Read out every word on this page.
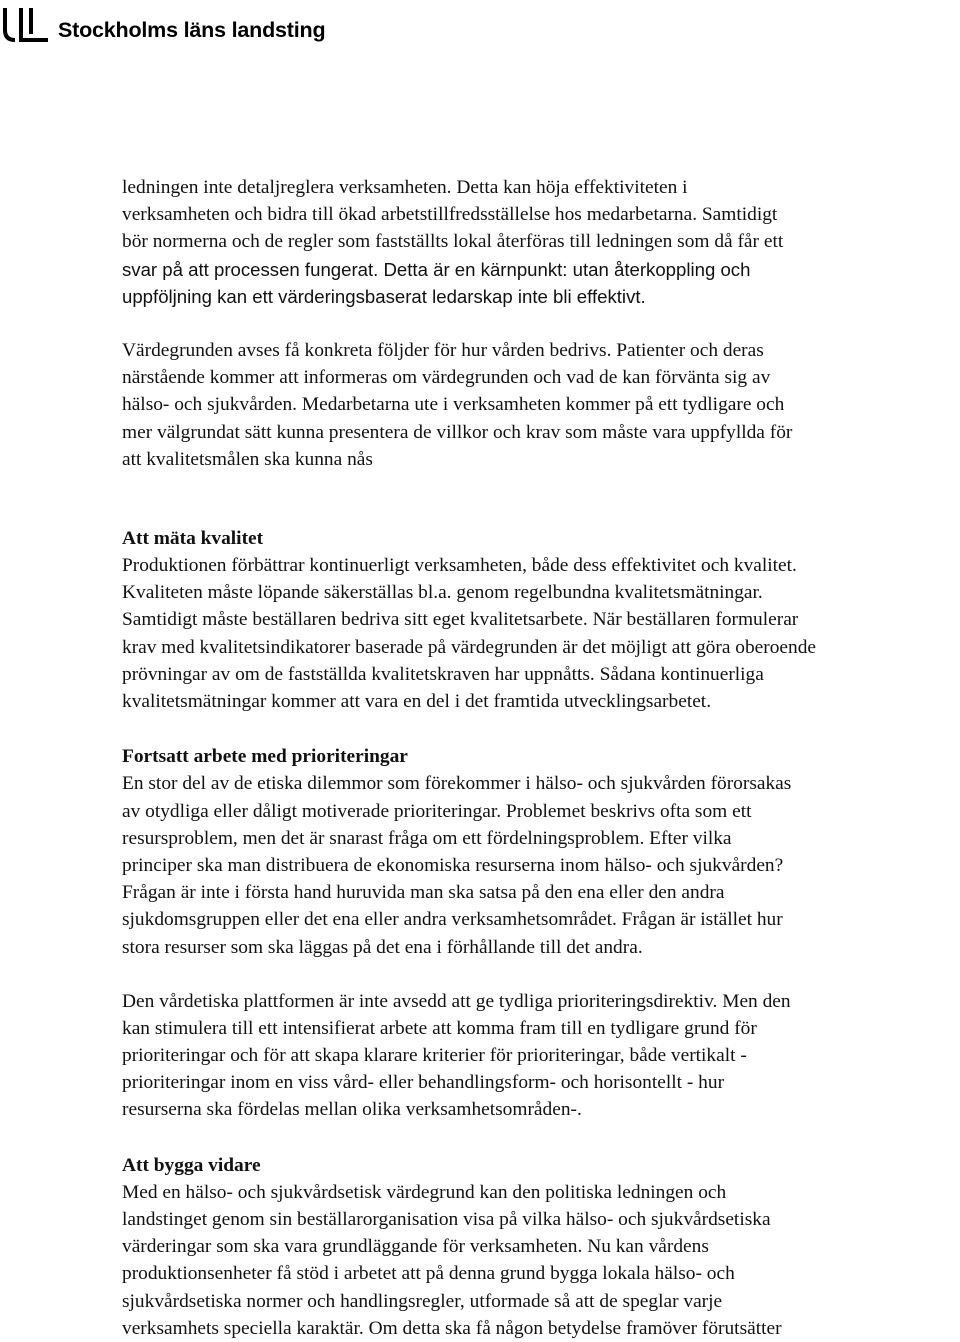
Stockholms läns landsting
ledningen inte detaljreglera verksamheten. Detta kan höja effektiviteten i
verksamheten och bidra till ökad arbetstillfredsställelse hos medarbetarna. Samtidigt
bör normerna och de regler som fastställts lokal återföras till ledningen som då får ett
svar på att processen fungerat. Detta är en kärnpunkt: utan återkoppling och
uppföljning kan ett värderingsbaserat ledarskap inte bli effektivt.
Värdegrunden avses få konkreta följder för hur vården bedrivs. Patienter och deras
närstående kommer att informeras om värdegrunden och vad de kan förvänta sig av
hälso- och sjukvården. Medarbetarna ute i verksamheten kommer på ett tydligare och
mer välgrundat sätt kunna presentera de villkor och krav som måste vara uppfyllda för
att kvalitetsmålen ska kunna nås
Att mäta kvalitet
Produktionen förbättrar kontinuerligt verksamheten, både dess effektivitet och kvalitet.
Kvaliteten måste löpande säkerställas bl.a. genom regelbundna kvalitetsmätningar.
Samtidigt måste beställaren bedriva sitt eget kvalitetsarbete. När beställaren formulerar
krav med kvalitetsindikatorer baserade på värdegrunden är det möjligt att göra oberoende
prövningar av om de fastställda kvalitetskraven har uppnåtts. Sådana kontinuerliga
kvalitetsmätningar kommer att vara en del i det framtida utvecklingsarbetet.
Fortsatt arbete med prioriteringar
En stor del av de etiska dilemmor som förekommer i hälso- och sjukvården förorsakas
av otydliga eller dåligt motiverade prioriteringar. Problemet beskrivs ofta som ett
resursproblem, men det är snarast fråga om ett fördelningsproblem. Efter vilka
principer ska man distribuera de ekonomiska resurserna inom hälso- och sjukvården?
Frågan är inte i första hand huruvida man ska satsa på den ena eller den andra
sjukdomsgruppen eller det ena eller andra verksamhetsområdet. Frågan är istället hur
stora resurser som ska läggas på det ena i förhållande till det andra.
Den vårdetiska plattformen är inte avsedd att ge tydliga prioriteringsdirektiv. Men den
kan stimulera till ett intensifierat arbete att komma fram till en tydligare grund för
prioriteringar och för att skapa klarare kriterier för prioriteringar, både vertikalt -
prioriteringar inom en viss vård- eller behandlingsform- och horisontellt - hur
resurserna ska fördelas mellan olika verksamhetsområden-.
Att bygga vidare
Med en hälso- och sjukvårdsetisk värdegrund kan den politiska ledningen och
landstinget genom sin beställarorganisation visa på vilka hälso- och sjukvårdsetiska
värderingar som ska vara grundläggande för verksamheten. Nu kan vårdens
produktionsenheter få stöd i arbetet att på denna grund bygga lokala hälso- och
sjukvårdsetiska normer och handlingsregler, utformade så att de speglar varje
verksamhets speciella karaktär. Om detta ska få någon betydelse framöver förutsätter
